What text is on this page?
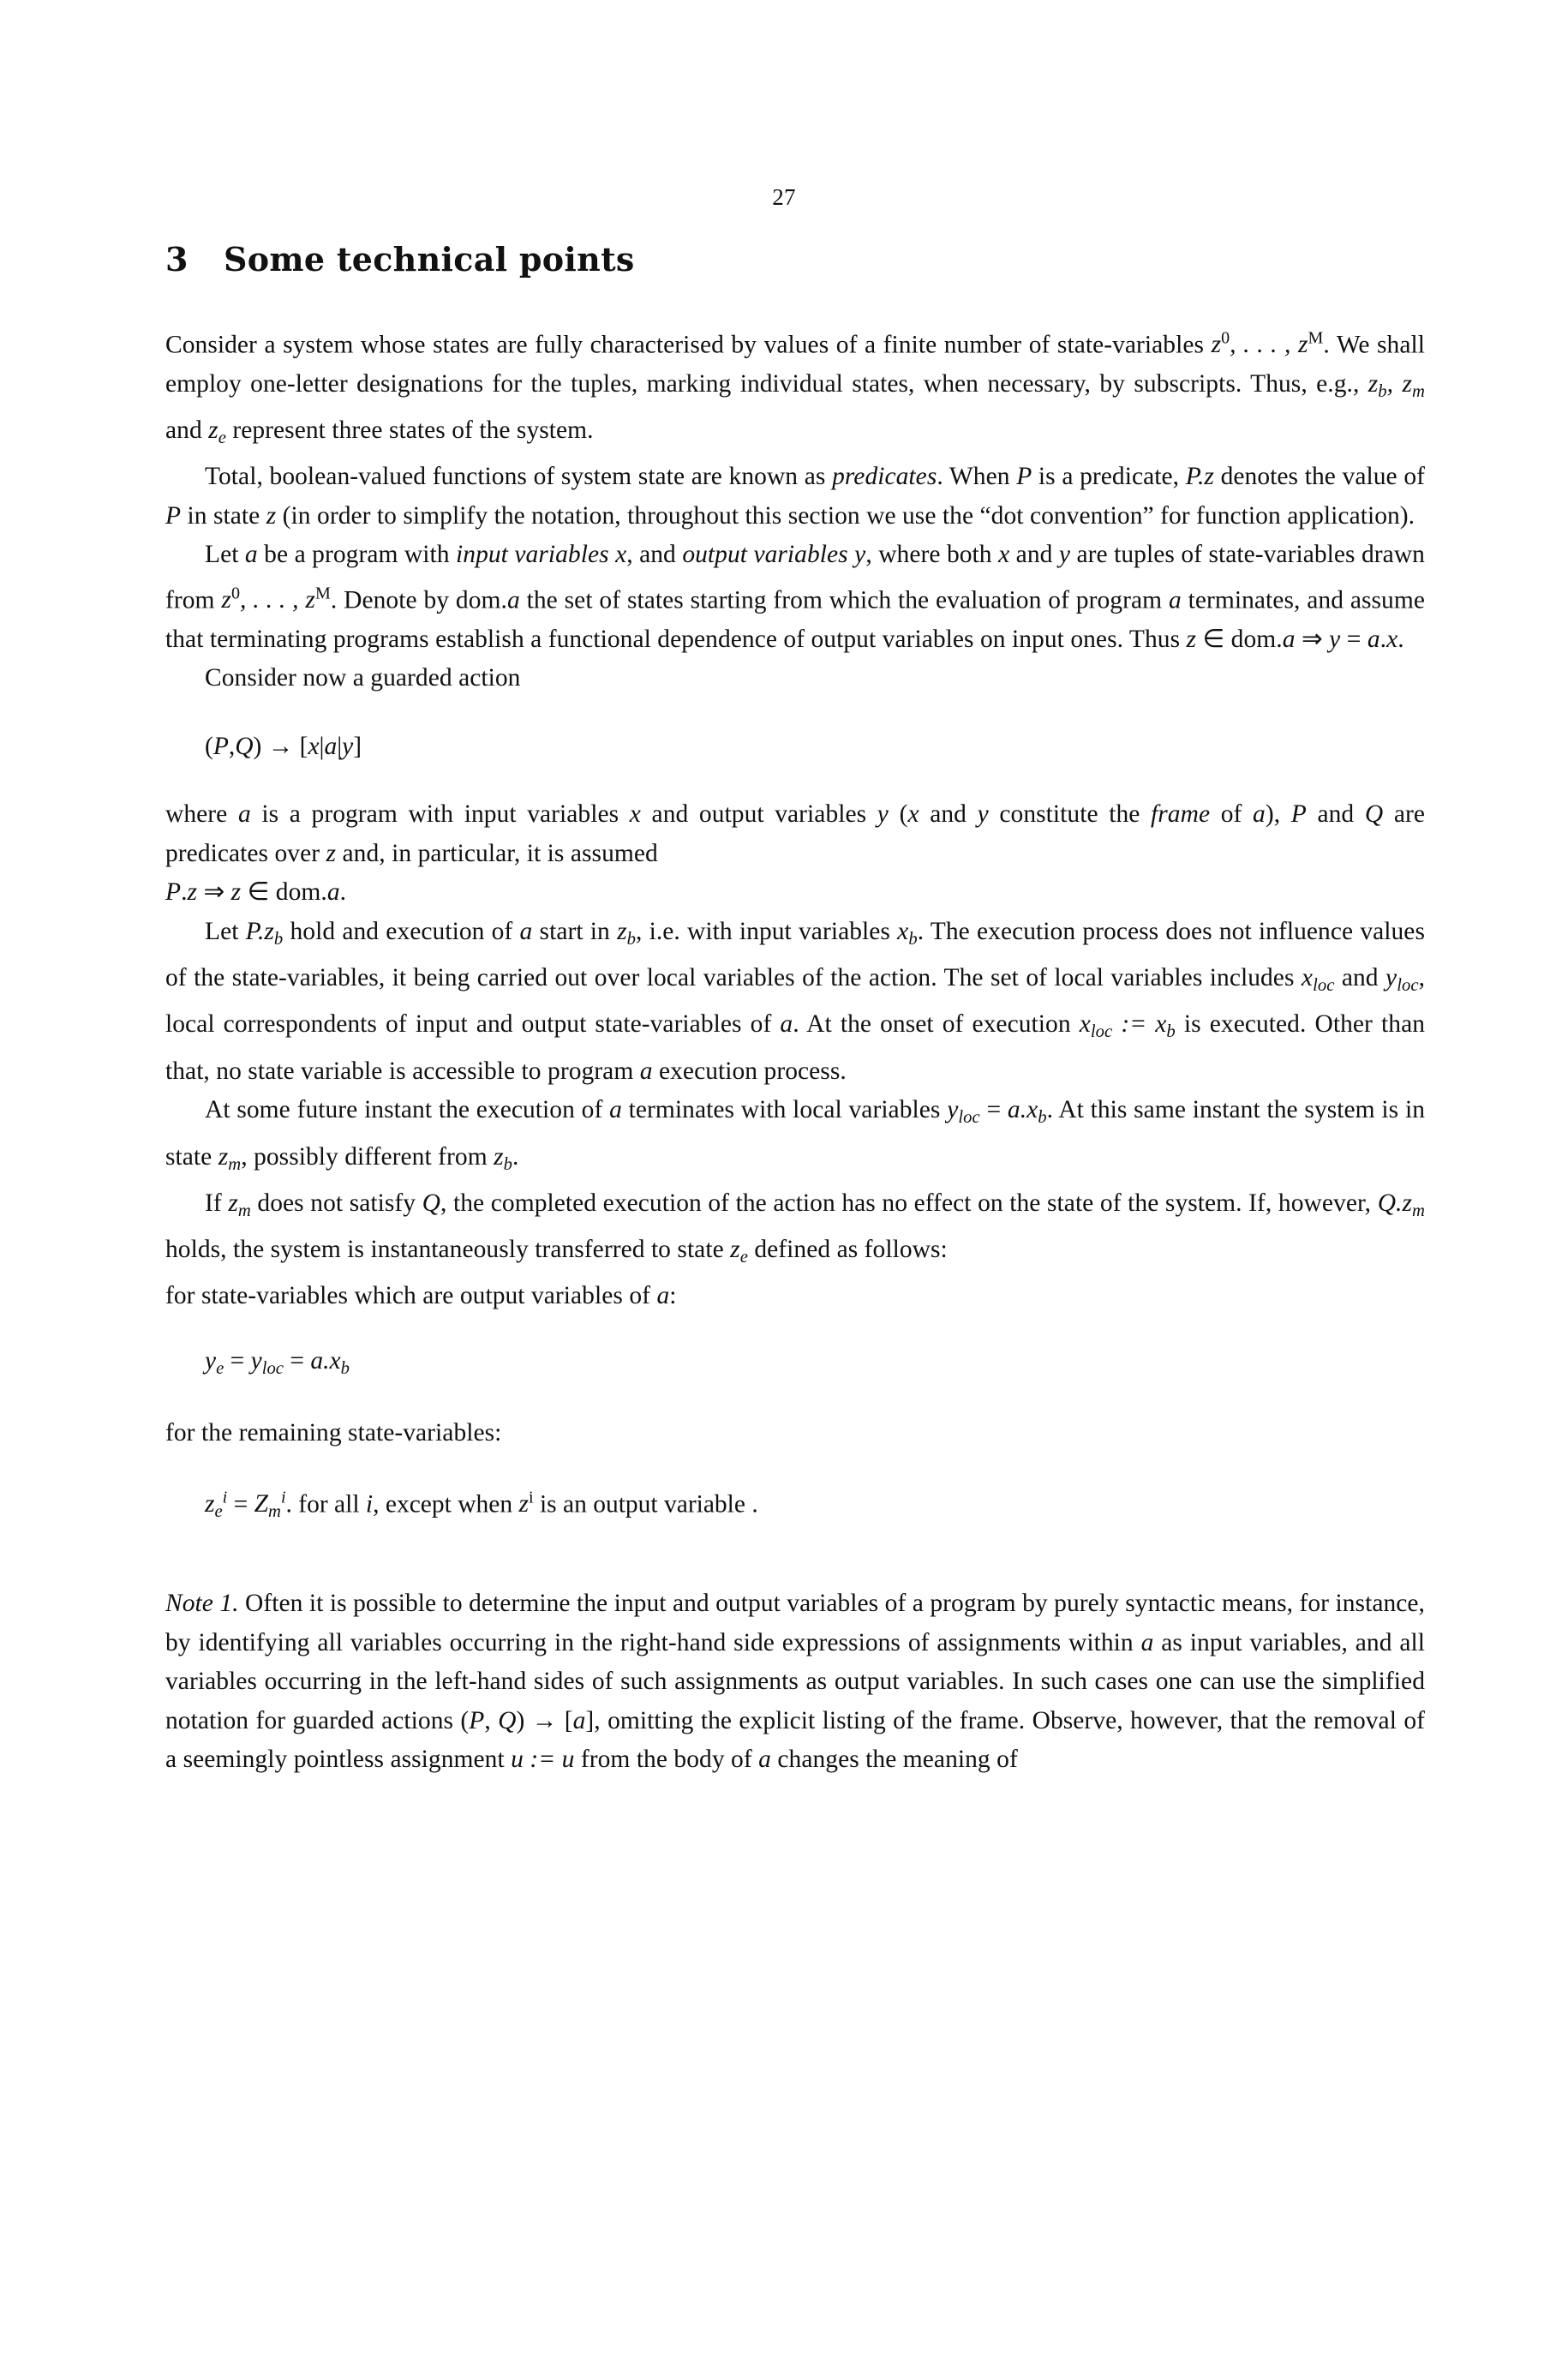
27
3 Some technical points

Consider a system whose states are fully characterised by values of a finite number of state-variables $z^0$, . . . , $z^M$. We shall employ one-letter designations for the tuples, marking individual states, when necessary, by subscripts. Thus, e.g., $z_b$, $z_m$ and $z_e$ represent three states of the system.

Total, boolean-valued functions of system state are known as predicates. When P is a predicate, P.z denotes the value of P in state z (in order to simplify the notation, throughout this section we use the “dot convention” for function application).

Let a be a program with input variables x, and output variables y, where both x and y are tuples of state-variables drawn from $z^0$, . . . , $z^M$. Denote by dom.a the set of states starting from which the evaluation of program a terminates, and assume that terminating programs establish a functional dependence of output variables on input ones. Thus z ∈ dom.a ⇒ y = a.x.

Consider now a guarded action

(P,Q) → [x|a|y]

where a is a program with input variables x and output variables y (x and y constitute the frame of a), P and Q are predicates over z and, in particular, it is assumed
P.z ⇒ z ∈ dom.a.

Let $P.z_b$ hold and execution of a start in $z_b$, i.e. with input variables $x_b$. The execution process does not influence values of the state-variables, it being carried out over local variables of the action. The set of local variables includes $x_{loc}$ and $y_{loc}$, local correspondents of input and output state-variables of a. At the onset of execution $x_{loc}$ := $x_b$ is executed. Other than that, no state variable is accessible to program a execution process.

At some future instant the execution of a terminates with local variables $y_{loc} = a.x_b$. At this same instant the system is in state $z_m$, possibly different from $z_b$.

If $z_m$ does not satisfy Q, the completed execution of the action has no effect on the state of the system. If, however, $Q.z_m$ holds, the system is instantaneously transferred to state $z_e$ defined as follows:
for state-variables which are output variables of a:

$y_e = y_{loc} = a.x_b$

for the remaining state-variables:

$z_e^i = Z_m^i$. for all i, except when $z^i$ is an output variable .

Note 1. Often it is possible to determine the input and output variables of a program by purely syntactic means, for instance, by identifying all variables occurring in the right-hand side expressions of assignments within a as input variables, and all variables occurring in the left-hand sides of such assignments as output variables. In such cases one can use the simplified notation for guarded actions (P, Q) → [a], omitting the explicit listing of the frame. Observe, however, that the removal of a seemingly pointless assignment u := u from the body of a changes the meaning of
